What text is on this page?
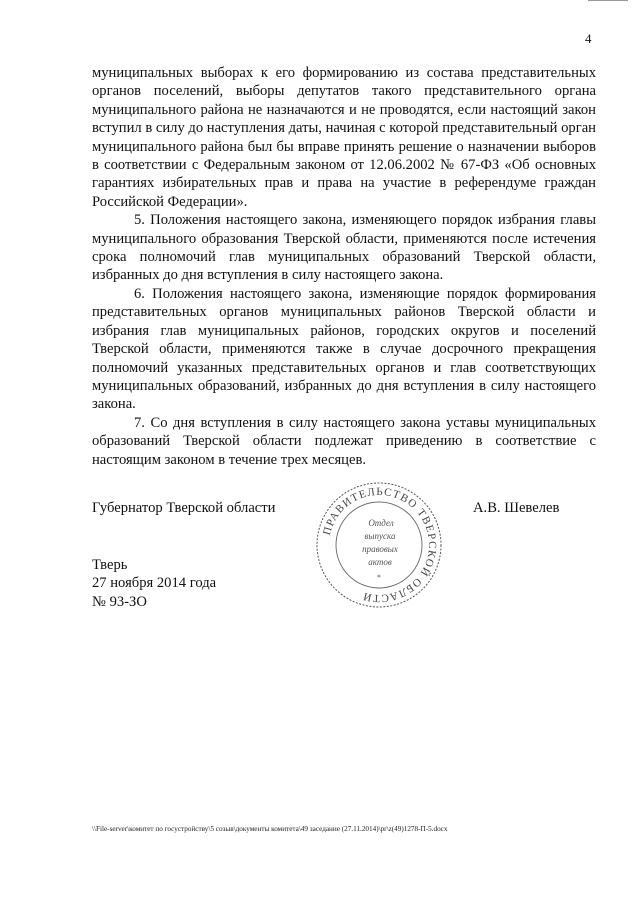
4

муниципальных выборах к его формированию из состава представительных органов поселений, выборы депутатов такого представительного органа муниципального района не назначаются и не проводятся, если настоящий закон вступил в силу до наступления даты, начиная с которой представительный орган муниципального района был бы вправе принять решение о назначении выборов в соответствии с Федеральным законом от 12.06.2002 № 67-ФЗ «Об основных гарантиях избирательных прав и права на участие в референдуме граждан Российской Федерации».

5. Положения настоящего закона, изменяющего порядок избрания главы муниципального образования Тверской области, применяются после истечения срока полномочий глав муниципальных образований Тверской области, избранных до дня вступления в силу настоящего закона.

6. Положения настоящего закона, изменяющие порядок формирования представительных органов муниципальных районов Тверской области и избрания глав муниципальных районов, городских округов и поселений Тверской области, применяются также в случае досрочного прекращения полномочий указанных представительных органов и глав соответствующих муниципальных образований, избранных до дня вступления в силу настоящего закона.

7. Со дня вступления в силу настоящего закона уставы муниципальных образований Тверской области подлежат приведению в соответствие с настоящим законом в течение трех месяцев.

Губернатор Тверской области
ПРАВИТЕЛЬСТВО ТВЕРСКОЙ ОБЛАСТИ
Отдел
выпуска
правовых
актов
*
А.В. Шевелев
Тверь
27 ноября 2014 года
№ 93-ЗО
\\File-server\комитет по госустройству\5 созыв\документы комитета\49 заседание (27.11.2014)\pr\z(49)1278-П-5.docx
